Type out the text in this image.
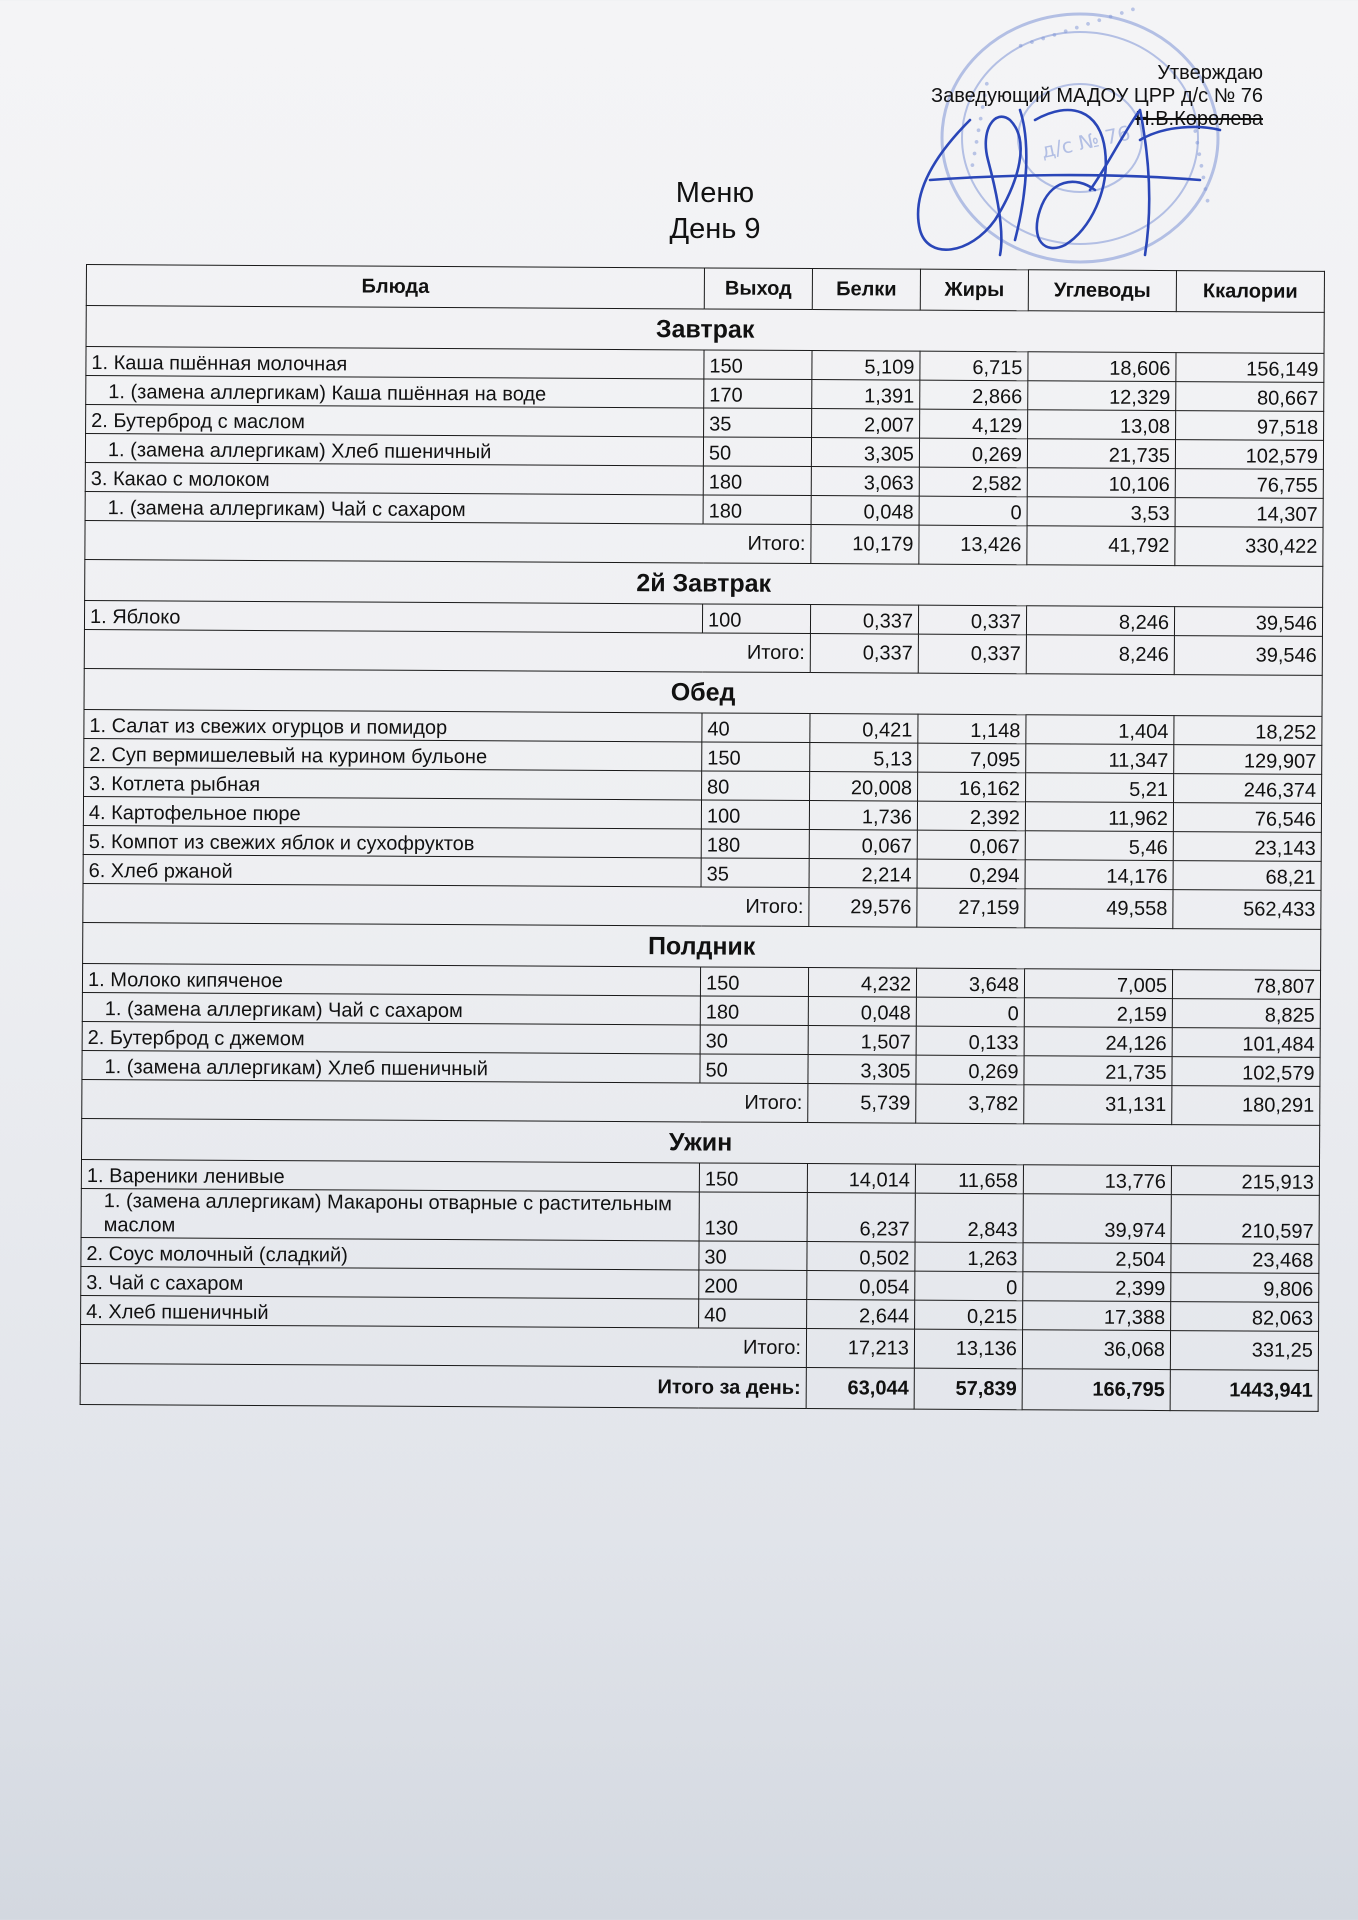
Утверждаю
Заведующий МАДОУ ЦРР д/с № 76
Н.В.Королева
• • • • • • • • • • •
• • • • • • • •	• • • • • • • •
д/с № 76
Меню
День 9
Блюда	Выход	Белки	Жиры	Углеводы	Ккалории
Завтрак					
1. Каша пшённая молочная	150	5,109	6,715	18,606	156,149
1. (замена аллергикам) Каша пшённая на воде	170	1,391	2,866	12,329	80,667
2. Бутерброд с маслом	35	2,007	4,129	13,08	97,518
1. (замена аллергикам) Хлеб пшеничный	50	3,305	0,269	21,735	102,579
3. Какао с молоком	180	3,063	2,582	10,106	76,755
1. (замена аллергикам) Чай с сахаром	180	0,048	0	3,53	14,307
Итого:		10,179	13,426	41,792	330,422
2й Завтрак					
1. Яблоко	100	0,337	0,337	8,246	39,546
Итого:		0,337	0,337	8,246	39,546
Обед					
1. Салат из свежих огурцов и помидор	40	0,421	1,148	1,404	18,252
2. Суп вермишелевый на курином бульоне	150	5,13	7,095	11,347	129,907
3. Котлета рыбная	80	20,008	16,162	5,21	246,374
4. Картофельное пюре	100	1,736	2,392	11,962	76,546
5. Компот из свежих яблок и сухофруктов	180	0,067	0,067	5,46	23,143
6. Хлеб ржаной	35	2,214	0,294	14,176	68,21
Итого:		29,576	27,159	49,558	562,433
Полдник					
1. Молоко кипяченое	150	4,232	3,648	7,005	78,807
1. (замена аллергикам) Чай с сахаром	180	0,048	0	2,159	8,825
2. Бутерброд с джемом	30	1,507	0,133	24,126	101,484
1. (замена аллергикам) Хлеб пшеничный	50	3,305	0,269	21,735	102,579
Итого:		5,739	3,782	31,131	180,291
Ужин					
1. Вареники ленивые	150	14,014	11,658	13,776	215,913
1. (замена аллергикам) Макароны отварные с растительным маслом	130	6,237	2,843	39,974	210,597
2. Соус молочный (сладкий)	30	0,502	1,263	2,504	23,468
3. Чай с сахаром	200	0,054	0	2,399	9,806
4. Хлеб пшеничный	40	2,644	0,215	17,388	82,063
Итого:		17,213	13,136	36,068	331,25
Итого за день:		63,044	57,839	166,795	1443,941
